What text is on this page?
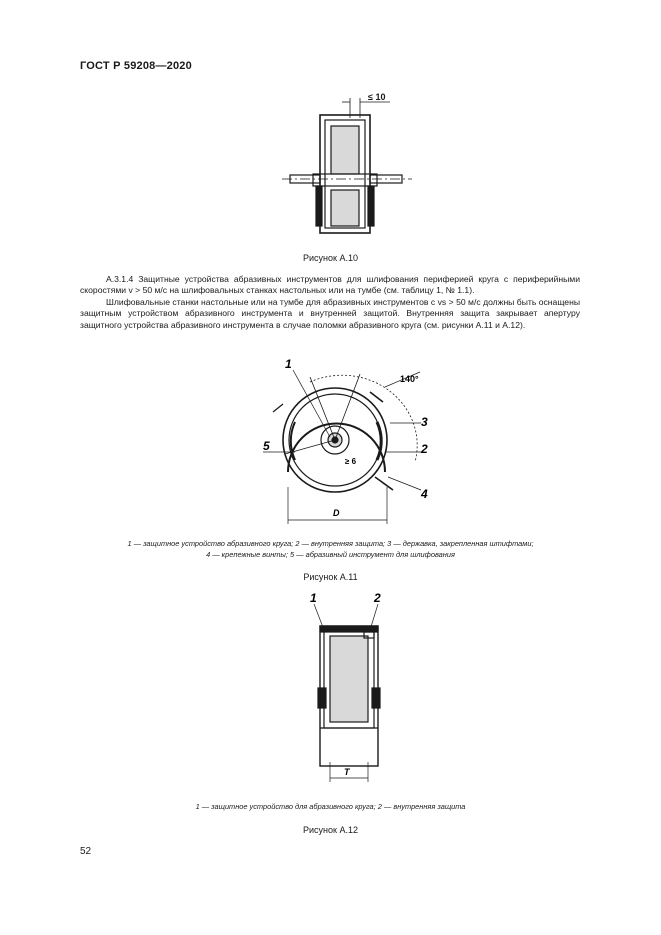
ГОСТ Р 59208—2020
≤ 10
Рисунок А.10

А.3.1.4 Защитные устройства абразивных инструментов для шлифования периферией круга с периферийными скоростями v > 50 м/с на шлифовальных станках настольных или на тумбе (см. таблицу 1, № 1.1).

Шлифовальные станки настольные или на тумбе для абразивных инструментов с vs > 50 м/с должны быть оснащены защитным устройством абразивного инструмента и внутренней защитой. Внутренняя защита закрывает апертуру защитного устройства абразивного инструмента в случае поломки абразивного круга (см. рисунки А.11 и А.12).

1
3
2
4
5
140°
≥ 6
D
1 — защитное устройство абразивного круга; 2 — внутренняя защита; 3 — державка, закрепленная штифтами;
4 — крепежные винты; 5 — абразивный инструмент для шлифования
Рисунок А.11
1	2
T
1 — защитное устройство для абразивного круга; 2 — внутренняя защита
Рисунок А.12
52
